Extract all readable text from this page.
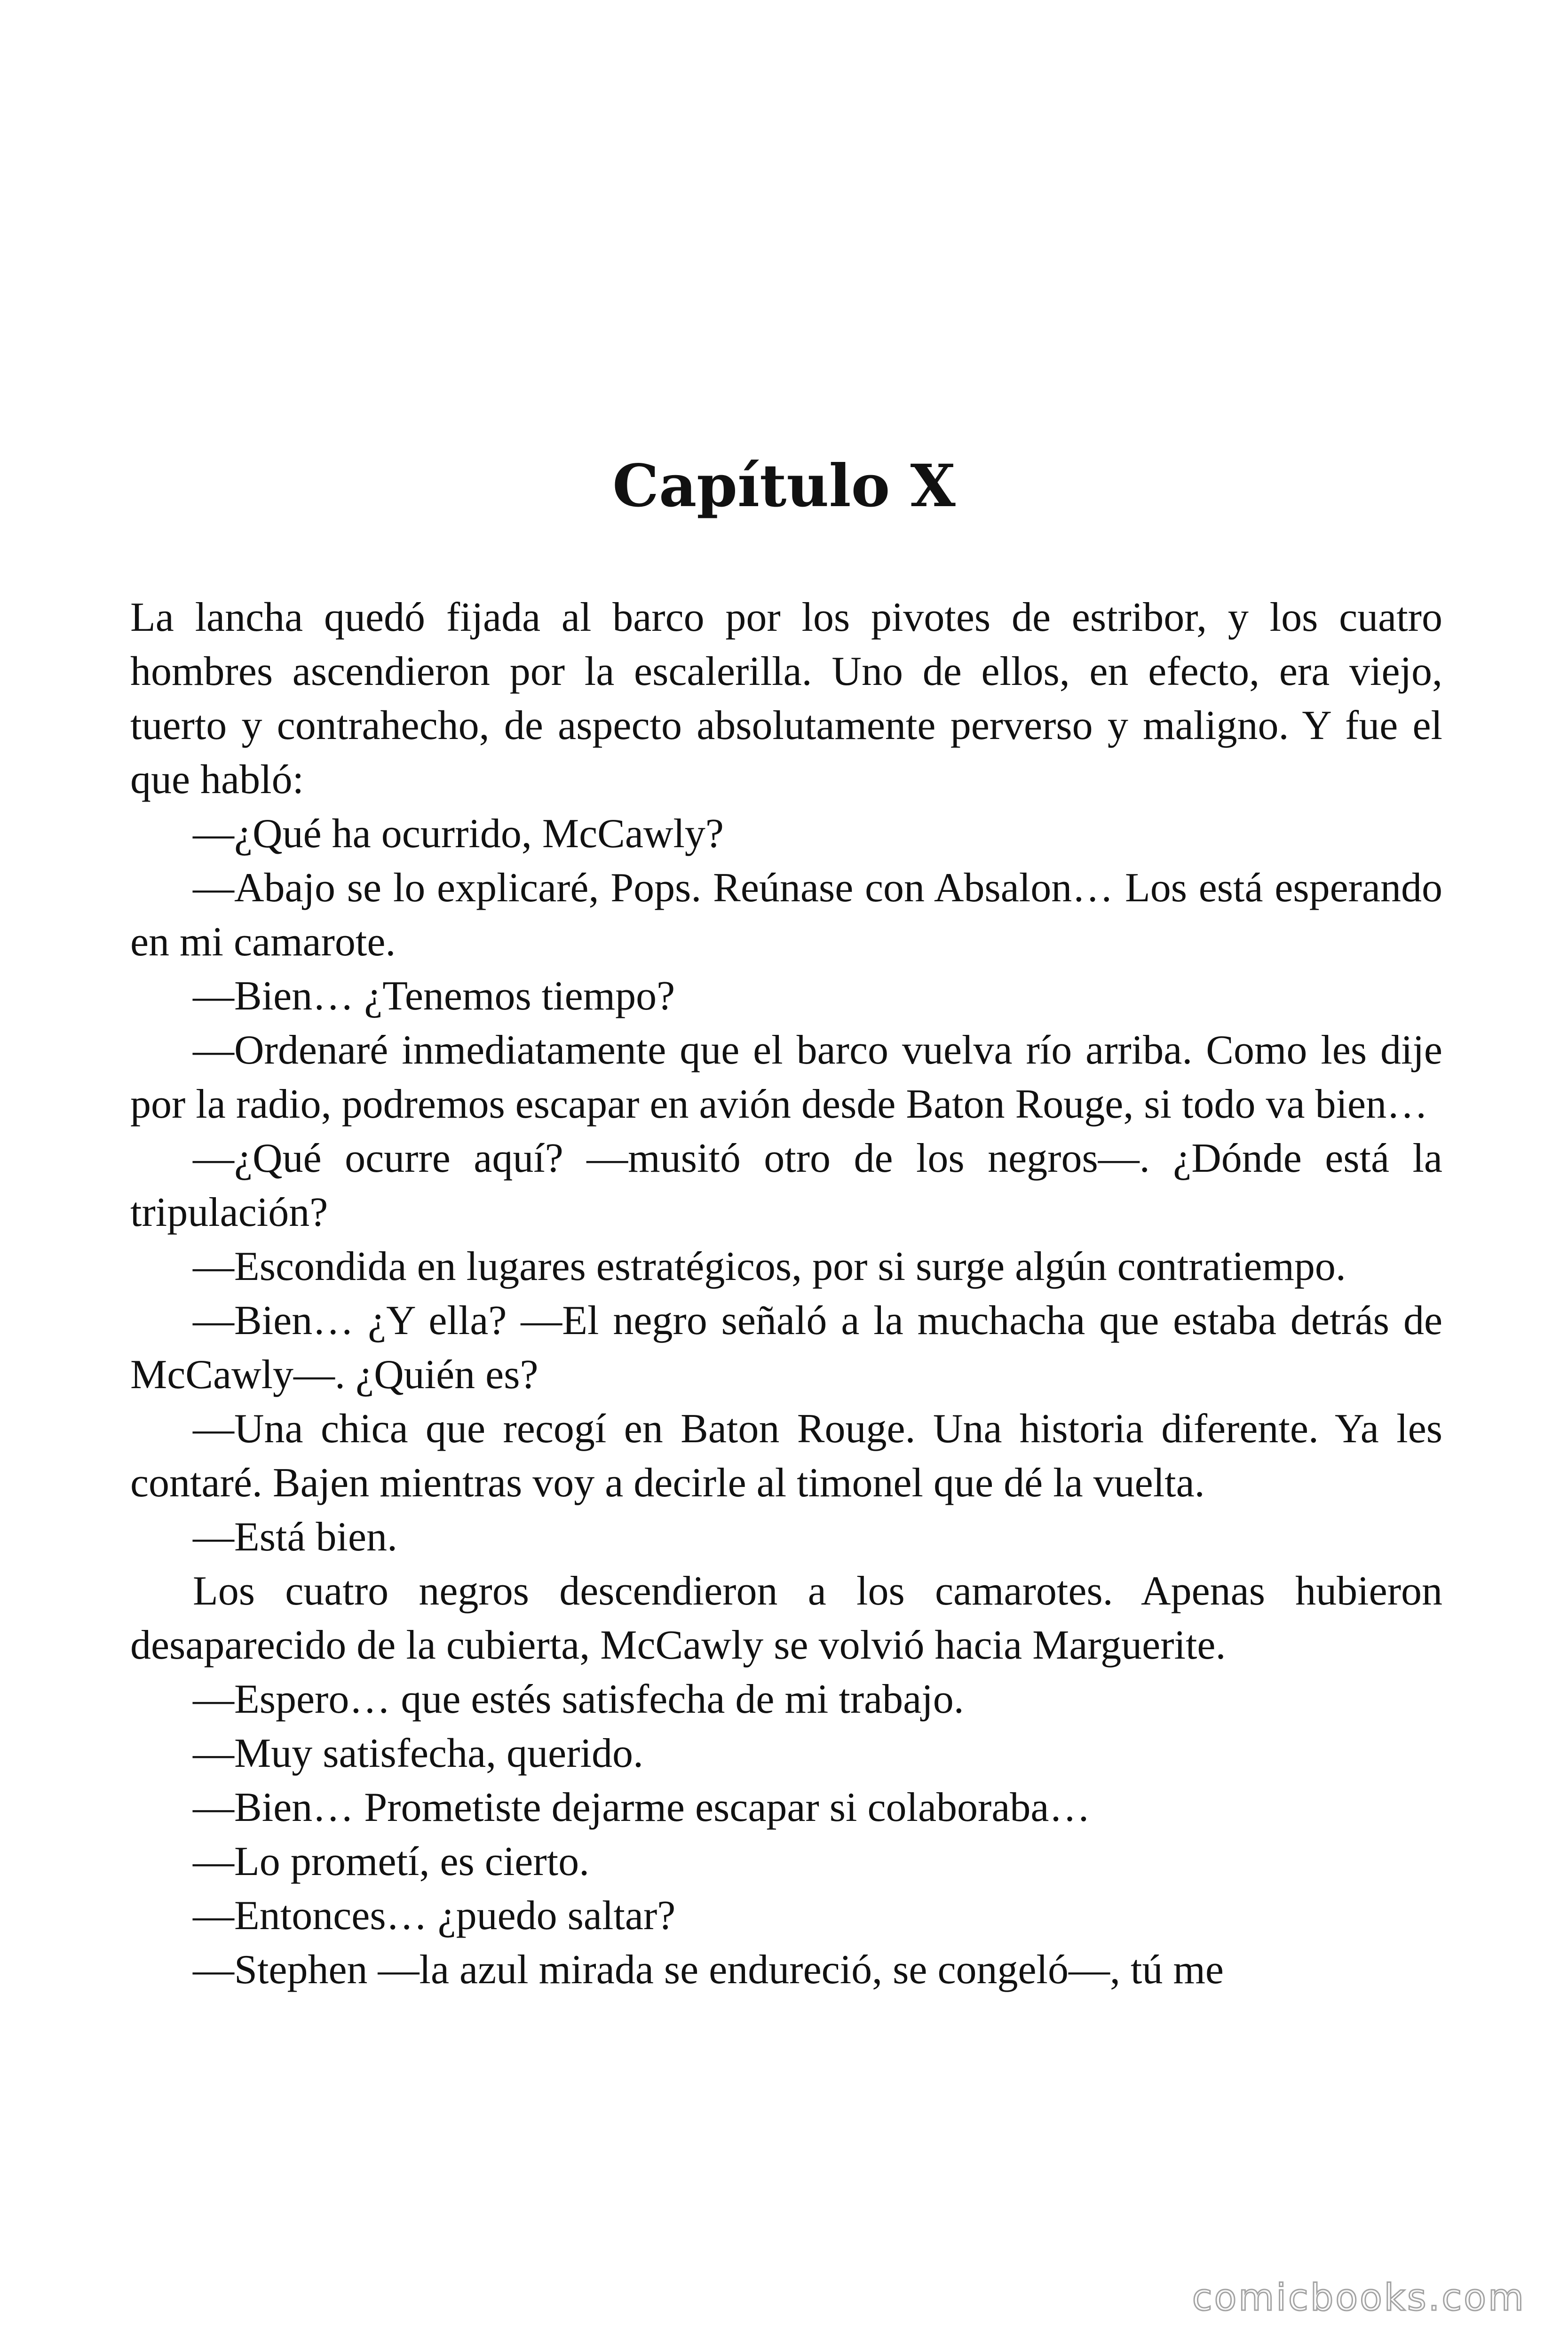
Capítulo X

La lancha quedó fijada al barco por los pivotes de estribor, y los cuatro hombres ascendieron por la escalerilla. Uno de ellos, en efecto, era viejo, tuerto y contrahecho, de aspecto absolutamente perverso y maligno. Y fue el que habló:

—¿Qué ha ocurrido, McCawly?

—Abajo se lo explicaré, Pops. Reúnase con Absalon… Los está esperando en mi camarote.

—Bien… ¿Tenemos tiempo?

—Ordenaré inmediatamente que el barco vuelva río arriba. Como les dije por la radio, podremos escapar en avión desde Baton Rouge, si todo va bien…

—¿Qué ocurre aquí? —musitó otro de los negros—. ¿Dónde está la tripulación?

—Escondida en lugares estratégicos, por si surge algún contratiempo.

—Bien… ¿Y ella? —El negro señaló a la muchacha que estaba detrás de McCawly—. ¿Quién es?

—Una chica que recogí en Baton Rouge. Una historia diferente. Ya les contaré. Bajen mientras voy a decirle al timonel que dé la vuelta.

—Está bien.

Los cuatro negros descendieron a los camarotes. Apenas hubieron desaparecido de la cubierta, McCawly se volvió hacia Marguerite.

—Espero… que estés satisfecha de mi trabajo.

—Muy satisfecha, querido.

—Bien… Prometiste dejarme escapar si colaboraba…

—Lo prometí, es cierto.

—Entonces… ¿puedo saltar?

—Stephen —la azul mirada se endureció, se congeló—, tú me

comicbooks.com
